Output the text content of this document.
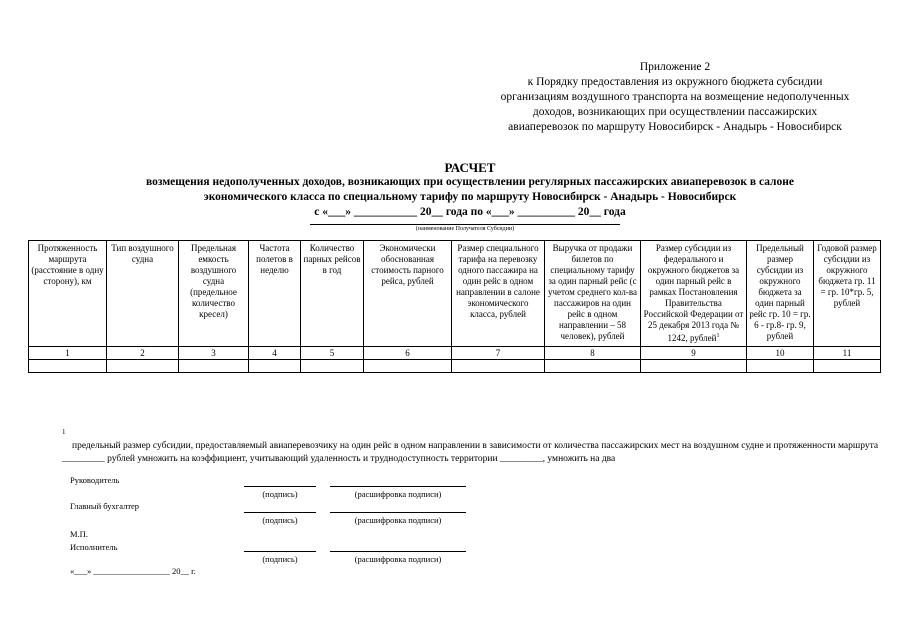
Приложение 2
к Порядку предоставления из окружного бюджета субсидии
организациям воздушного транспорта на возмещение недополученных
доходов, возникающих при осуществлении пассажирских
авиаперевозок по маршруту Новосибирск - Анадырь - Новосибирск
РАСЧЕТ
возмещения недополученных доходов, возникающих при осуществлении регулярных пассажирских авиаперевозок в салоне
экономического класса по специальному тарифу по маршруту Новосибирск - Анадырь - Новосибирск
с «___» ___________ 20__ года по «___» __________ 20__ года
(наименование Получателя Субсидии)
Протяженность маршрута (расстояние в одну сторону), км	Тип воздушного судна	Предельная емкость воздушного судна (предельное количество кресел)	Частота полетов в неделю	Количество парных рейсов в год	Экономически обоснованная стоимость парного рейса, рублей	Размер специального тарифа на перевозку одного пассажира на один рейс в одном направлении в салоне экономического класса, рублей	Выручка от продажи билетов по специальному тарифу за один парный рейс (с учетом среднего кол-ва пассажиров на один рейс в одном направлении – 58 человек), рублей	Размер субсидии из федерального и окружного бюджетов за один парный рейс в рамках Постановления Правительства Российской Федерации от 25 декабря 2013 года № 1242, рублей$^1$	Предельный размер субсидии из окружного бюджета за один парный рейс гр. 10 = гр. 6 - гр.8- гр. 9, рублей	Годовой размер субсидии из окружного бюджета гр. 11 = гр. 10*гр. 5, рублей
1	2	3	4	5	6	7	8	9	10	11

1
предельный размер субсидии, предоставляемый авиаперевозчику на один рейс в одном направлении в зависимости от количества пассажирских мест на воздушном судне и протяженности маршрута _________ рублей умножить на коэффициент, учитывающий удаленность и труднодоступность территории _________, умножить на два
Руководитель
(подпись)	(расшифровка подписи)
Главный бухгалтер
(подпись)	(расшифровка подписи)
М.П.
Исполнитель
(подпись)	(расшифровка подписи)
«___» __________________ 20__ г.
